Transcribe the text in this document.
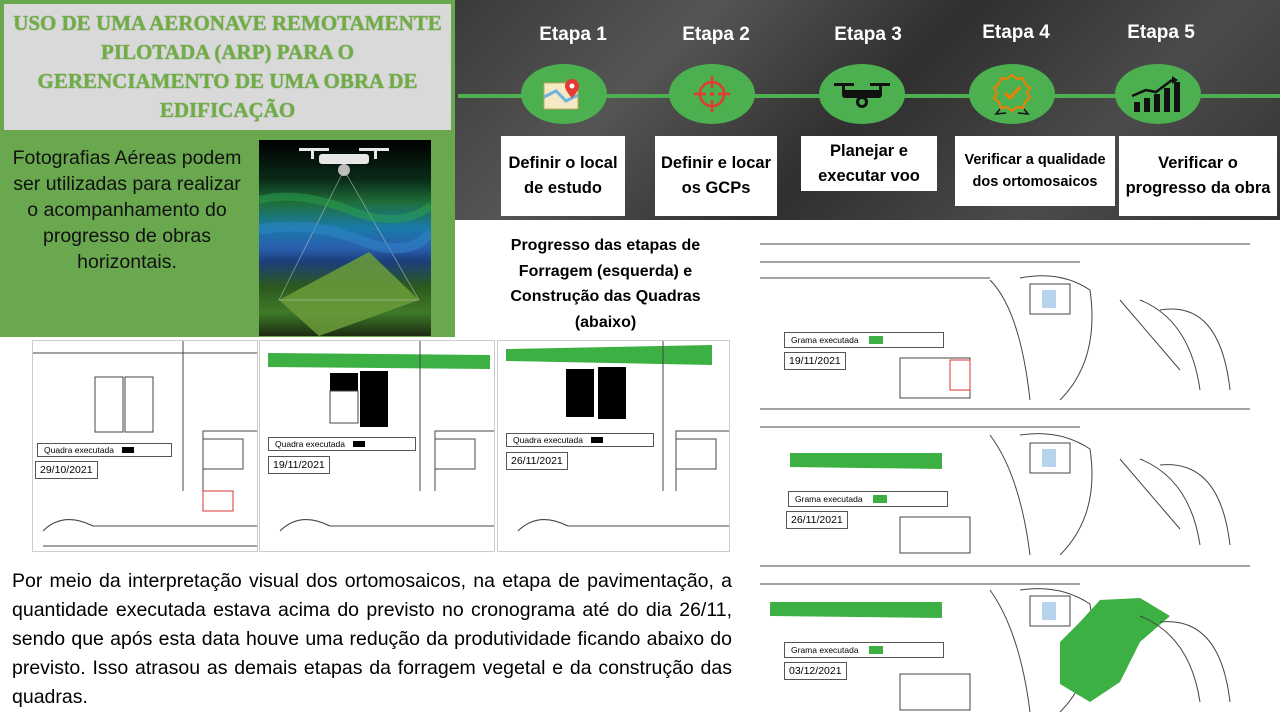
USO DE UMA AERONAVE REMOTAMENTE PILOTADA (ARP) PARA O GERENCIAMENTO DE UMA OBRA DE EDIFICAÇÃO
Fotografias Aéreas podem ser utilizadas para realizar o acompanhamento do progresso de obras horizontais.
Etapa 1
Definir o local de estudo
Etapa 2
Definir e locar os GCPs
Etapa 3
Planejar e executar voo
Etapa 4
Verificar a qualidade dos ortomosaicos
Etapa 5
Verificar o progresso da obra
Progresso das etapas de Forragem (esquerda) e Construção das Quadras (abaixo)
Quadra executada
29/10/2021
Quadra executada
19/11/2021
Quadra executada
26/11/2021
Grama executada
19/11/2021
Grama executada
26/11/2021
Grama executada
03/12/2021
Por meio da interpretação visual dos ortomosaicos, na etapa de pavimentação, a quantidade executada estava acima do previsto no cronograma até do dia 26/11, sendo que após esta data houve uma redução da produtividade ficando abaixo do previsto. Isso atrasou as demais etapas da forragem vegetal e da construção das quadras.
